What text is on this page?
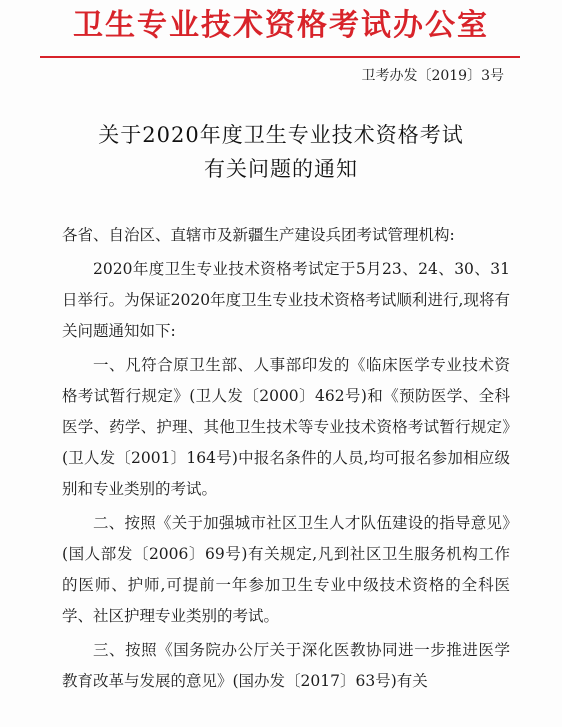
卫生专业技术资格考试办公室
卫考办发〔2019〕3号
关于2020年度卫生专业技术资格考试
有关问题的通知

各省、自治区、直辖市及新疆生产建设兵团考试管理机构:

2020年度卫生专业技术资格考试定于5月23、24、30、31日举行。为保证2020年度卫生专业技术资格考试顺利进行,现将有关问题通知如下:

一、凡符合原卫生部、人事部印发的《临床医学专业技术资格考试暂行规定》(卫人发〔2000〕462号)和《预防医学、全科医学、药学、护理、其他卫生技术等专业技术资格考试暂行规定》(卫人发〔2001〕164号)中报名条件的人员,均可报名参加相应级别和专业类别的考试。

二、按照《关于加强城市社区卫生人才队伍建设的指导意见》(国人部发〔2006〕69号)有关规定,凡到社区卫生服务机构工作的医师、护师,可提前一年参加卫生专业中级技术资格的全科医学、社区护理专业类别的考试。

三、按照《国务院办公厅关于深化医教协同进一步推进医学教育改革与发展的意见》(国办发〔2017〕63号)有关
